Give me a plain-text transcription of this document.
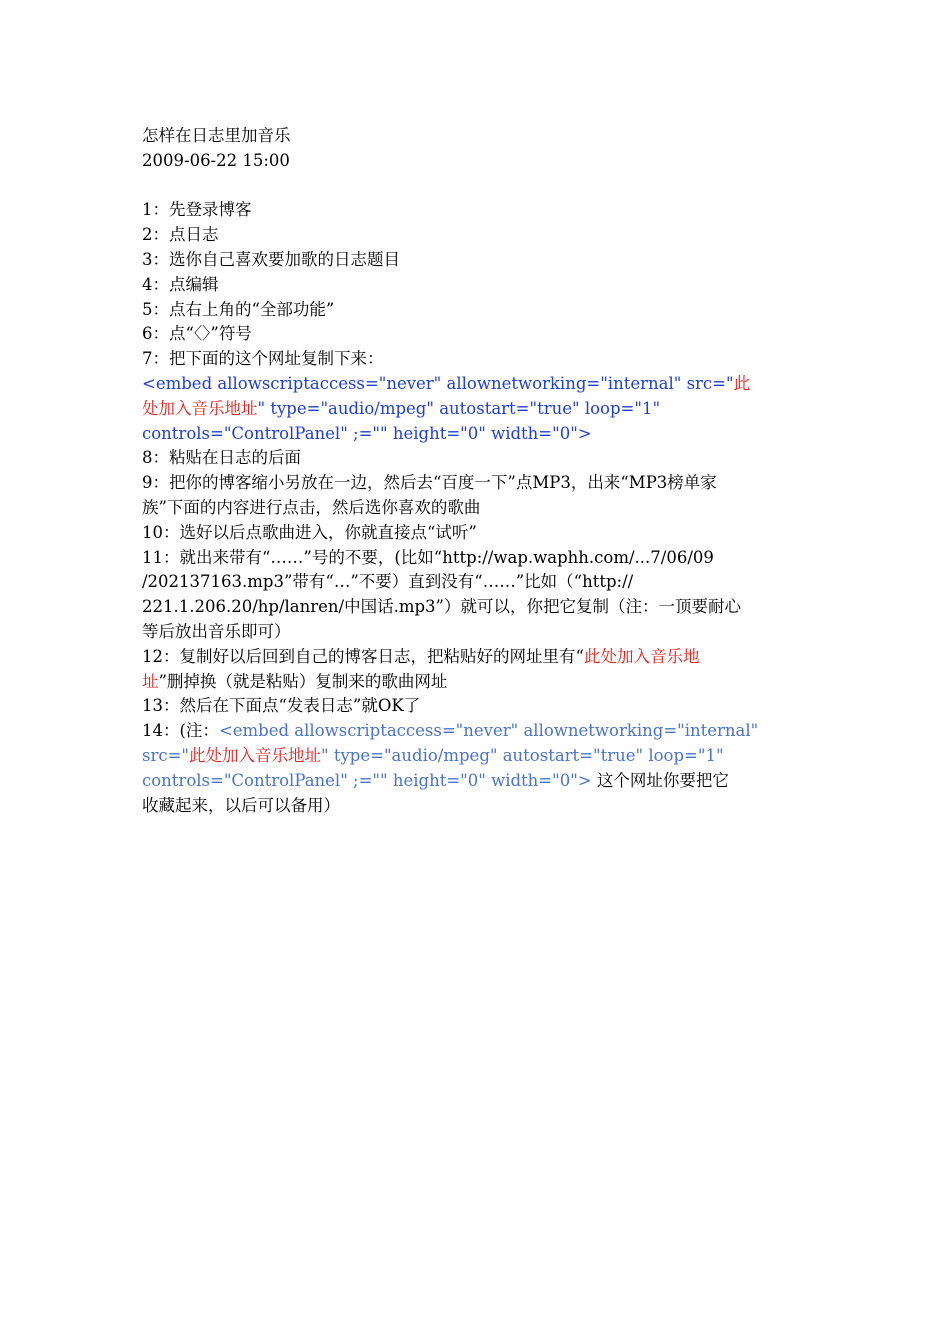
怎样在日志里加音乐
2009-06-22 15:00
1：先登录博客
2：点日志
3：选你自己喜欢要加歌的日志题目
4：点编辑
5：点右上角的“全部功能”
6：点“〈〉”符号
7：把下面的这个网址复制下来：
<embed allowscriptaccess="never" allownetworking="internal" src="此
处加入音乐地址" type="audio/mpeg" autostart="true" loop="1"
controls="ControlPanel" ;="" height="0" width="0">
8：粘贴在日志的后面
9：把你的博客缩小另放在一边，然后去“百度一下”点MP3，出来“MP3榜单家
族”下面的内容进行点击，然后选你喜欢的歌曲
10：选好以后点歌曲进入，你就直接点“试听”
11：就出来带有“……”号的不要，(比如“http://wap.waphh.com/...7/06/09
/202137163.mp3”带有“…”不要）直到没有“……”比如（“http://
221.1.206.20/hp/lanren/中国话.mp3”）就可以，你把它复制（注：一顶要耐心
等后放出音乐即可）
12：复制好以后回到自己的博客日志，把粘贴好的网址里有“此处加入音乐地
址”删掉换（就是粘贴）复制来的歌曲网址
13：然后在下面点“发表日志”就OK了
14：(注：<embed allowscriptaccess="never" allownetworking="internal"
src="此处加入音乐地址" type="audio/mpeg" autostart="true" loop="1"
controls="ControlPanel" ;="" height="0" width="0"> 这个网址你要把它
收藏起来，以后可以备用）
